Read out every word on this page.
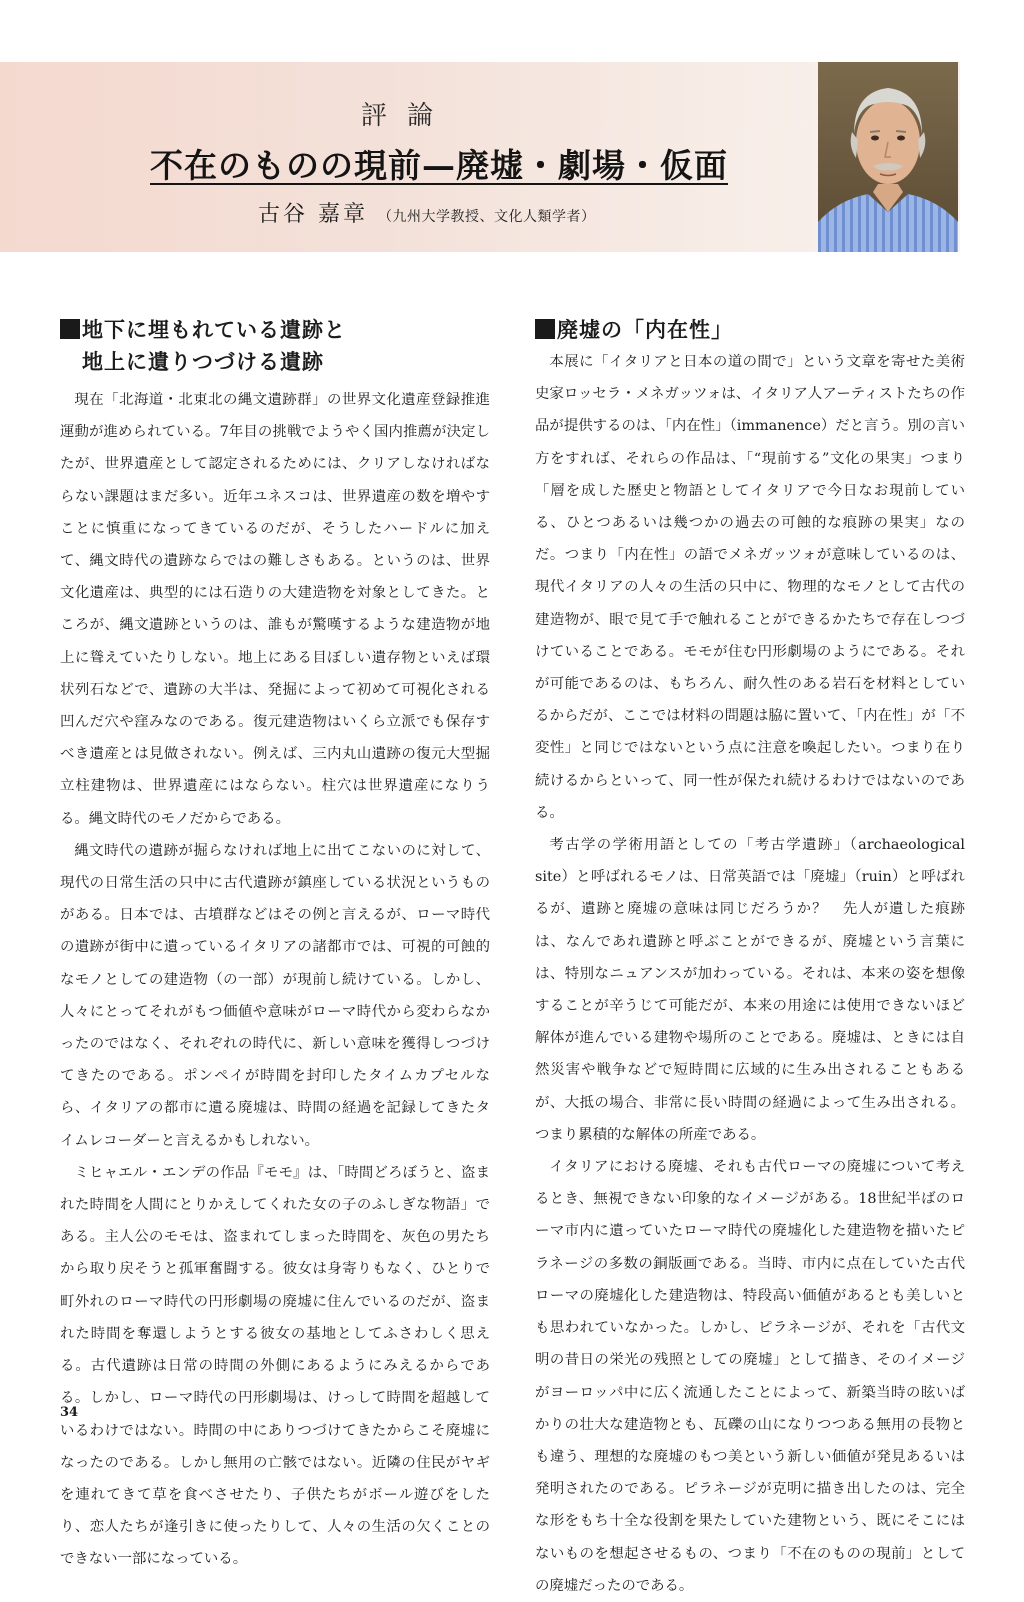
評 論
不在のものの現前—廃墟・劇場・仮面
古谷 嘉章 （九州大学教授、文化人類学者）
地下に埋もれている遺跡と
地上に遺りつづける遺跡

現在「北海道・北東北の縄文遺跡群」の世界文化遺産登録推進運動が進められている。7年目の挑戦でようやく国内推薦が決定したが、世界遺産として認定されるためには、クリアしなければならない課題はまだ多い。近年ユネスコは、世界遺産の数を増やすことに慎重になってきているのだが、そうしたハードルに加えて、縄文時代の遺跡ならではの難しさもある。というのは、世界文化遺産は、典型的には石造りの大建造物を対象としてきた。ところが、縄文遺跡というのは、誰もが驚嘆するような建造物が地上に聳えていたりしない。地上にある目ぼしい遺存物といえば環状列石などで、遺跡の大半は、発掘によって初めて可視化される凹んだ穴や窪みなのである。復元建造物はいくら立派でも保存すべき遺産とは見做されない。例えば、三内丸山遺跡の復元大型掘立柱建物は、世界遺産にはならない。柱穴は世界遺産になりうる。縄文時代のモノだからである。

縄文時代の遺跡が掘らなければ地上に出てこないのに対して、現代の日常生活の只中に古代遺跡が鎮座している状況というものがある。日本では、古墳群などはその例と言えるが、ローマ時代の遺跡が街中に遺っているイタリアの諸都市では、可視的可蝕的なモノとしての建造物（の一部）が現前し続けている。しかし、人々にとってそれがもつ価値や意味がローマ時代から変わらなかったのではなく、それぞれの時代に、新しい意味を獲得しつづけてきたのである。ポンペイが時間を封印したタイムカプセルなら、イタリアの都市に遺る廃墟は、時間の経過を記録してきたタイムレコーダーと言えるかもしれない。

ミヒャエル・エンデの作品『モモ』は、「時間どろぼうと、盗まれた時間を人間にとりかえしてくれた女の子のふしぎな物語」である。主人公のモモは、盗まれてしまった時間を、灰色の男たちから取り戻そうと孤軍奮闘する。彼女は身寄りもなく、ひとりで町外れのローマ時代の円形劇場の廃墟に住んでいるのだが、盗まれた時間を奪還しようとする彼女の基地としてふさわしく思える。古代遺跡は日常の時間の外側にあるようにみえるからである。しかし、ローマ時代の円形劇場は、けっして時間を超越しているわけではない。時間の中にありつづけてきたからこそ廃墟になったのである。しかし無用の亡骸ではない。近隣の住民がヤギを連れてきて草を食べさせたり、子供たちがボール遊びをしたり、恋人たちが逢引きに使ったりして、人々の生活の欠くことのできない一部になっている。

廃墟の「内在性」

本展に「イタリアと日本の道の間で」という文章を寄せた美術史家ロッセラ・メネガッツォは、イタリア人アーティストたちの作品が提供するのは、「内在性」（immanence）だと言う。別の言い方をすれば、それらの作品は、「“現前する”文化の果実」つまり「層を成した歴史と物語としてイタリアで今日なお現前している、ひとつあるいは幾つかの過去の可蝕的な痕跡の果実」なのだ。つまり「内在性」の語でメネガッツォが意味しているのは、現代イタリアの人々の生活の只中に、物理的なモノとして古代の建造物が、眼で見て手で触れることができるかたちで存在しつづけていることである。モモが住む円形劇場のようにである。それが可能であるのは、もちろん、耐久性のある岩石を材料としているからだが、ここでは材料の問題は脇に置いて、「内在性」が「不変性」と同じではないという点に注意を喚起したい。つまり在り続けるからといって、同一性が保たれ続けるわけではないのである。

考古学の学術用語としての「考古学遺跡」（archaeological site）と呼ばれるモノは、日常英語では「廃墟」（ruin）と呼ばれるが、遺跡と廃墟の意味は同じだろうか？　先人が遺した痕跡は、なんであれ遺跡と呼ぶことができるが、廃墟という言葉には、特別なニュアンスが加わっている。それは、本来の姿を想像することが辛うじて可能だが、本来の用途には使用できないほど解体が進んでいる建物や場所のことである。廃墟は、ときには自然災害や戦争などで短時間に広域的に生み出されることもあるが、大抵の場合、非常に長い時間の経過によって生み出される。つまり累積的な解体の所産である。

イタリアにおける廃墟、それも古代ローマの廃墟について考えるとき、無視できない印象的なイメージがある。18世紀半ばのローマ市内に遺っていたローマ時代の廃墟化した建造物を描いたピラネージの多数の銅版画である。当時、市内に点在していた古代ローマの廃墟化した建造物は、特段高い価値があるとも美しいとも思われていなかった。しかし、ピラネージが、それを「古代文明の昔日の栄光の残照としての廃墟」として描き、そのイメージがヨーロッパ中に広く流通したことによって、新築当時の眩いばかりの壮大な建造物とも、瓦礫の山になりつつある無用の長物とも違う、理想的な廃墟のもつ美という新しい価値が発見あるいは発明されたのである。ピラネージが克明に描き出したのは、完全な形をもち十全な役割を果たしていた建物という、既にそこにはないものを想起させるもの、つまり「不在のものの現前」としての廃墟だったのである。

34
